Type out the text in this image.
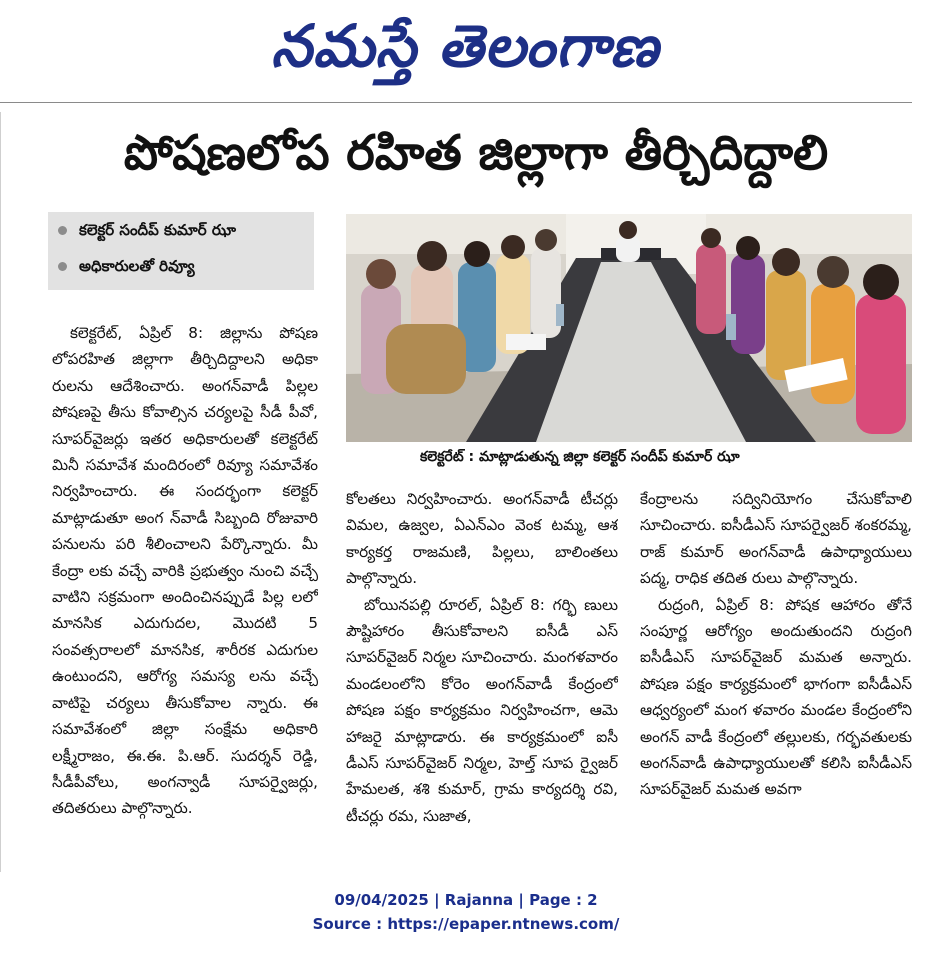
నమస్తే తెలంగాణ
పోషణలోప రహిత జిల్లాగా తీర్చిదిద్దాలి
కలెక్టర్ సందీప్ కుమార్ ఝా
అధికారులతో రివ్యూ
కలెక్టరేట్ : మాట్లాడుతున్న జిల్లా కలెక్టర్ సందీప్ కుమార్ ఝా

కలెక్టరేట్, ఏప్రిల్ 8: జిల్లాను పోషణ లోపరహిత జిల్లాగా తీర్చిదిద్దాలని అధికా రులను ఆదేశించారు. అంగన్‌వాడీ పిల్లల పోషణపై తీసు కోవాల్సిన చర్యలపై సీడీ పీవో, సూపర్‌వైజర్లు ఇతర అధికారులతో కలెక్టరేట్ మినీ సమావేశ మందిరంలో రివ్యూ సమావేశం నిర్వహించారు. ఈ సందర్భంగా కలెక్టర్ మాట్లాడుతూ అంగ న్‌వాడీ సిబ్బంది రోజువారి పనులను పరి శీలించాలని పేర్కొన్నారు. మీ కేంద్రా లకు వచ్చే వారికి ప్రభుత్వం నుంచి వచ్చే వాటిని సక్రమంగా అందించినప్పుడే పిల్ల లలో మానసిక ఎదుగుదల, మొదటి 5 సంవత్సరాలలో మానసిక, శారీరక ఎదుగుల ఉంటుందని, ఆరోగ్య సమస్య లను వచ్చే వాటిపై చర్యలు తీసుకోవాల న్నారు. ఈ సమావేశంలో జిల్లా సంక్షేమ అధికారి లక్ష్మీరాజం, ఈ.ఈ. పి.ఆర్. సుదర్శన్ రెడ్డి, సీడీపీవోలు, అంగన్వాడీ సూపర్వైజర్లు, తదితరులు పాల్గొన్నారు.

కోలతలు నిర్వహించారు. అంగన్‌వాడీ టీచర్లు విమల, ఉజ్వల, ఏఎన్ఎం వెంక టమ్మ, ఆశ కార్యకర్త రాజమణి, పిల్లలు, బాలింతలు పాల్గొన్నారు.

బోయినపల్లి రూరల్, ఏప్రిల్ 8: గర్భి ణులు పౌష్టిహారం తీసుకోవాలని ఐసీడీ ఎస్ సూపర్‌వైజర్ నిర్మల సూచించారు. మంగళవారం మండలంలోని కోరెం అంగన్‌వాడీ కేంద్రంలో పోషణ పక్షం కార్యక్రమం నిర్వహించగా, ఆమె హాజరై మాట్లాడారు. ఈ కార్యక్రమంలో ఐసీ డీఎస్ సూపర్‌వైజర్ నిర్మల, హెల్త్ సూప ర్వైజర్ హేమలత, శశి కుమార్, గ్రామ కార్యదర్శి రవి, టీచర్లు రమ, సుజాత,

కేంద్రాలను సద్వినియోగం చేసుకోవాలి సూచించారు. ఐసీడీఎస్ సూపర్వైజర్ శంకరమ్మ, రాజ్ కుమార్ అంగన్‌వాడీ ఉపాధ్యాయులు పద్మ, రాధిక తదిత రులు పాల్గొన్నారు.

రుద్రంగి, ఏప్రిల్ 8: పోషక ఆహారం తోనే సంపూర్ణ ఆరోగ్యం అందుతుందని రుద్రంగి ఐసీడీఎస్ సూపర్‌వైజర్ మమత అన్నారు. పోషణ పక్షం కార్యక్రమంలో భాగంగా ఐసీడీఎస్ ఆధ్వర్యంలో మంగ ళవారం మండల కేంద్రంలోని అంగన్ వాడీ కేంద్రంలో తల్లులకు, గర్భవతులకు అంగన్‌వాడీ ఉపాధ్యాయులతో కలిసి ఐసీడీఎస్ సూపర్‌వైజర్ మమత అవగా

09/04/2025 | Rajanna | Page : 2
Source : https://epaper.ntnews.com/
